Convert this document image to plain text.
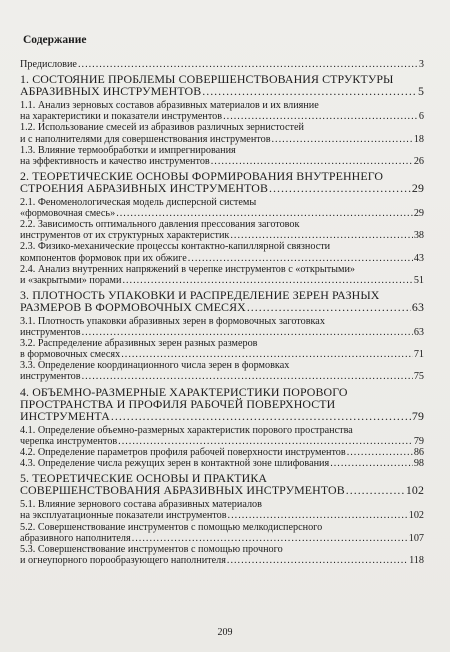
Содержание
Предисловие .....	3
1. СОСТОЯНИЕ ПРОБЛЕМЫ СОВЕРШЕНСТВОВАНИЯ СТРУКТУРЫ
АБРАЗИВНЫХ ИНСТРУМЕНТОВ .....	5
1.1. Анализ зерновых составов абразивных материалов и их влияние
на характеристики и показатели инструментов .....	6
1.2. Использование смесей из абразивов различных зернистостей
и с наполнителями для совершенствования инструментов .....	18
1.3. Влияние термообработки и импрегнирования
на эффективность и качество инструментов .....	26
2. ТЕОРЕТИЧЕСКИЕ ОСНОВЫ ФОРМИРОВАНИЯ ВНУТРЕННЕГО
СТРОЕНИЯ АБРАЗИВНЫХ ИНСТРУМЕНТОВ .....	29
2.1. Феноменологическая модель дисперсной системы
«формовочная смесь» .....	29
2.2. Зависимость оптимального давления прессования заготовок
инструментов от их структурных характеристик .....	38
2.3. Физико-механические процессы контактно-капиллярной связности
компонентов формовок при их обжиге .....	43
2.4. Анализ внутренних напряжений в черепке инструментов с «открытыми»
и «закрытыми» порами .....	51
3. ПЛОТНОСТЬ УПАКОВКИ И РАСПРЕДЕЛЕНИЕ ЗЕРЕН РАЗНЫХ
РАЗМЕРОВ В ФОРМОВОЧНЫХ СМЕСЯХ .....	63
3.1. Плотность упаковки абразивных зерен в формовочных заготовках
инструментов .....	63
3.2. Распределение абразивных зерен разных размеров
в формовочных смесях .....	71
3.3. Определение координационного числа зерен в формовках
инструментов .....	75
4. ОБЪЕМНО-РАЗМЕРНЫЕ ХАРАКТЕРИСТИКИ ПОРОВОГО
ПРОСТРАНСТВА И ПРОФИЛЯ РАБОЧЕЙ ПОВЕРХНОСТИ
ИНСТРУМЕНТА .....	79
4.1. Определение объемно-размерных характеристик порового пространства
черепка инструментов .....	79
4.2. Определение параметров профиля рабочей поверхности инструментов .....	86
4.3. Определение числа режущих зерен в контактной зоне шлифования .....	98
5. ТЕОРЕТИЧЕСКИЕ ОСНОВЫ И ПРАКТИКА
СОВЕРШЕНСТВОВАНИЯ АБРАЗИВНЫХ ИНСТРУМЕНТОВ .....	102
5.1. Влияние зернового состава абразивных материалов
на эксплуатационные показатели инструментов .....	102
5.2. Совершенствование инструментов с помощью мелкодисперсного
абразивного наполнителя .....	107
5.3. Совершенствование инструментов с помощью прочного
и огнеупорного порообразующего наполнителя .....	118
209
